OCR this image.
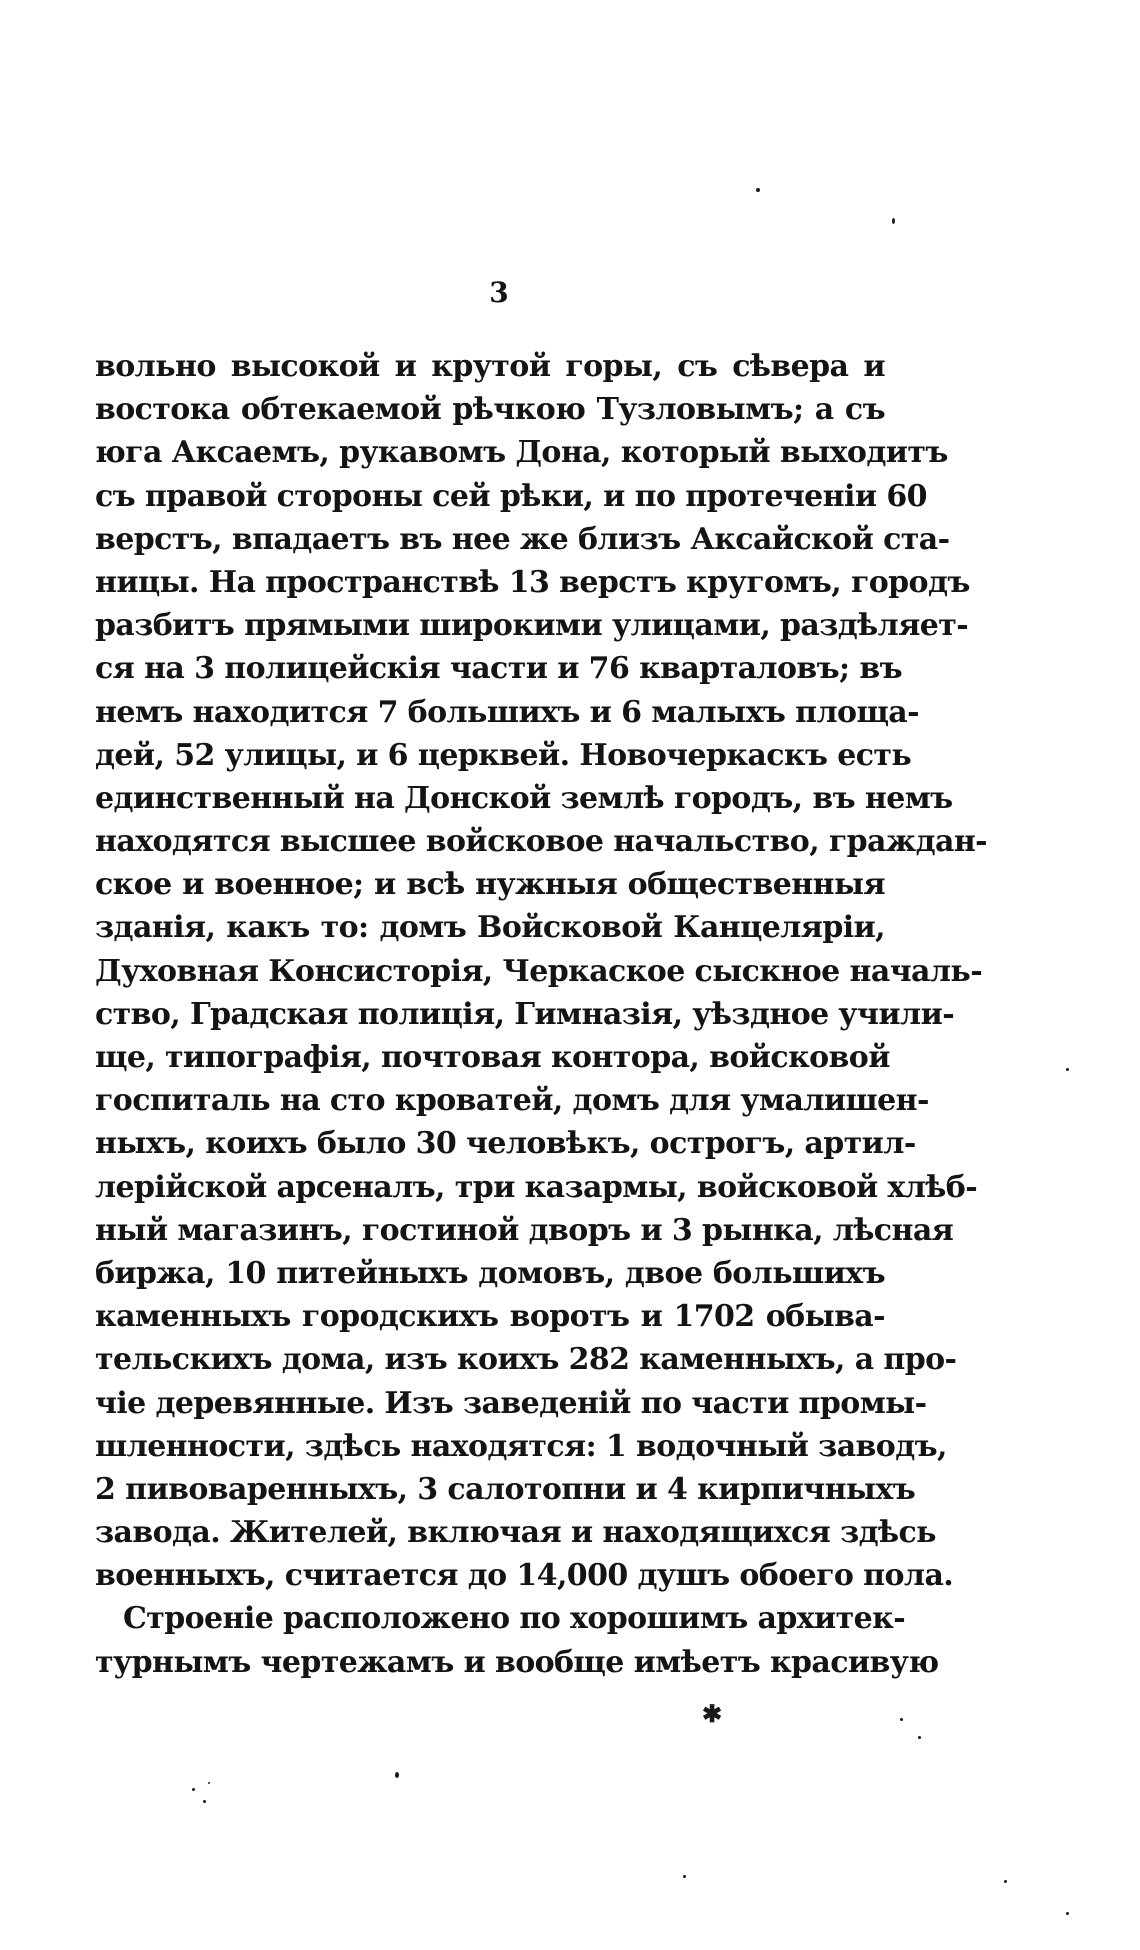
3
вольно высокой и крутой горы, съ сѣвера и
востока обтекаемой рѣчкою Тузловымъ; а съ
юга Аксаемъ, рукавомъ Дона, который выходитъ
съ правой стороны сей рѣки, и по протеченіи 60
верстъ, впадаетъ въ нее же близъ Аксайской ста-
ницы. На пространствѣ 13 верстъ кругомъ, городъ
разбитъ прямыми широкими улицами, раздѣляет-
ся на 3 полицейскія части и 76 кварталовъ; въ
немъ находится 7 большихъ и 6 малыхъ площа-
дей, 52 улицы, и 6 церквей. Новочеркаскъ есть
единственный на Донской землѣ городъ, въ немъ
находятся высшее войсковое начальство, граждан-
ское и военное; и всѣ нужныя общественныя
зданія, какъ то: домъ Войсковой Канцеляріи,
Духовная Консисторія, Черкаское сыскное началь-
ство, Градская полиція, Гимназія, уѣздное учили-
ще, типографія, почтовая контора, войсковой
госпиталь на сто кроватей, домъ для умалишен-
ныхъ, коихъ было 30 человѣкъ, острогъ, артил-
лерійской арсеналъ, три казармы, войсковой хлѣб-
ный магазинъ, гостиной дворъ и 3 рынка, лѣсная
биржа, 10 питейныхъ домовъ, двое большихъ
каменныхъ городскихъ воротъ и 1702 обыва-
тельскихъ дома, изъ коихъ 282 каменныхъ, а про-
чіе деревянные. Изъ заведеній по части промы-
шленности, здѣсь находятся: 1 водочный заводъ,
2 пивоваренныхъ, 3 салотопни и 4 кирпичныхъ
завода. Жителей, включая и находящихся здѣсь
военныхъ, считается до 14,000 душъ обоего пола.
Строеніе расположено по хорошимъ архитек-
турнымъ чертежамъ и вообще имѣетъ красивую
✱
